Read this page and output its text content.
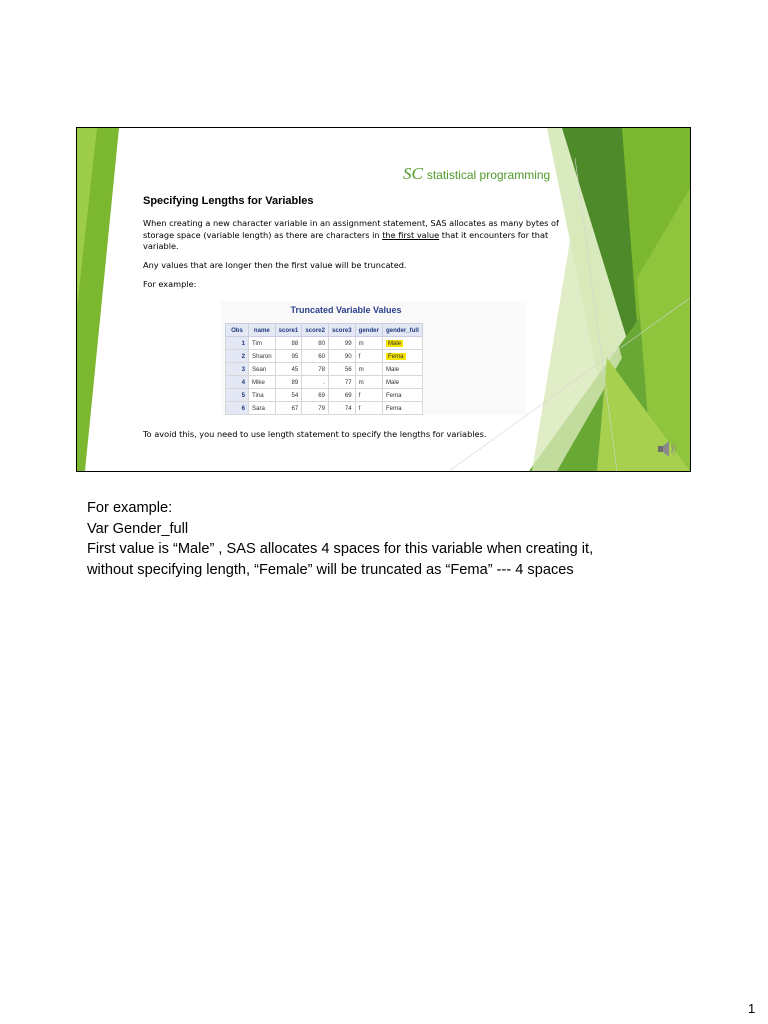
SC statistical programming
Specifying Lengths for Variables
When creating a new character variable in an assignment statement, SAS allocates as many bytes of storage space (variable length) as there are characters in the first value that it encounters for that variable.
Any values that are longer then the first value will be truncated.
For example:
Truncated Variable Values
Obs	name	score1	score2	score3	gender	gender_full
1	Tim	88	80	99	m	Male
2	Sharon	95	60	90	f	Fema
3	Sean	45	78	56	m	Male
4	Mike	89	.	77	m	Male
5	Tina	54	69	69	f	Fema
6	Sara	67	79	74	f	Fema
To avoid this, you need to use length statement to specify the lengths for variables.
For example:
Var Gender_full
First value is “Male” , SAS allocates 4 spaces for this variable when creating it,
without specifying length, “Female” will be truncated as “Fema” --- 4 spaces
1
